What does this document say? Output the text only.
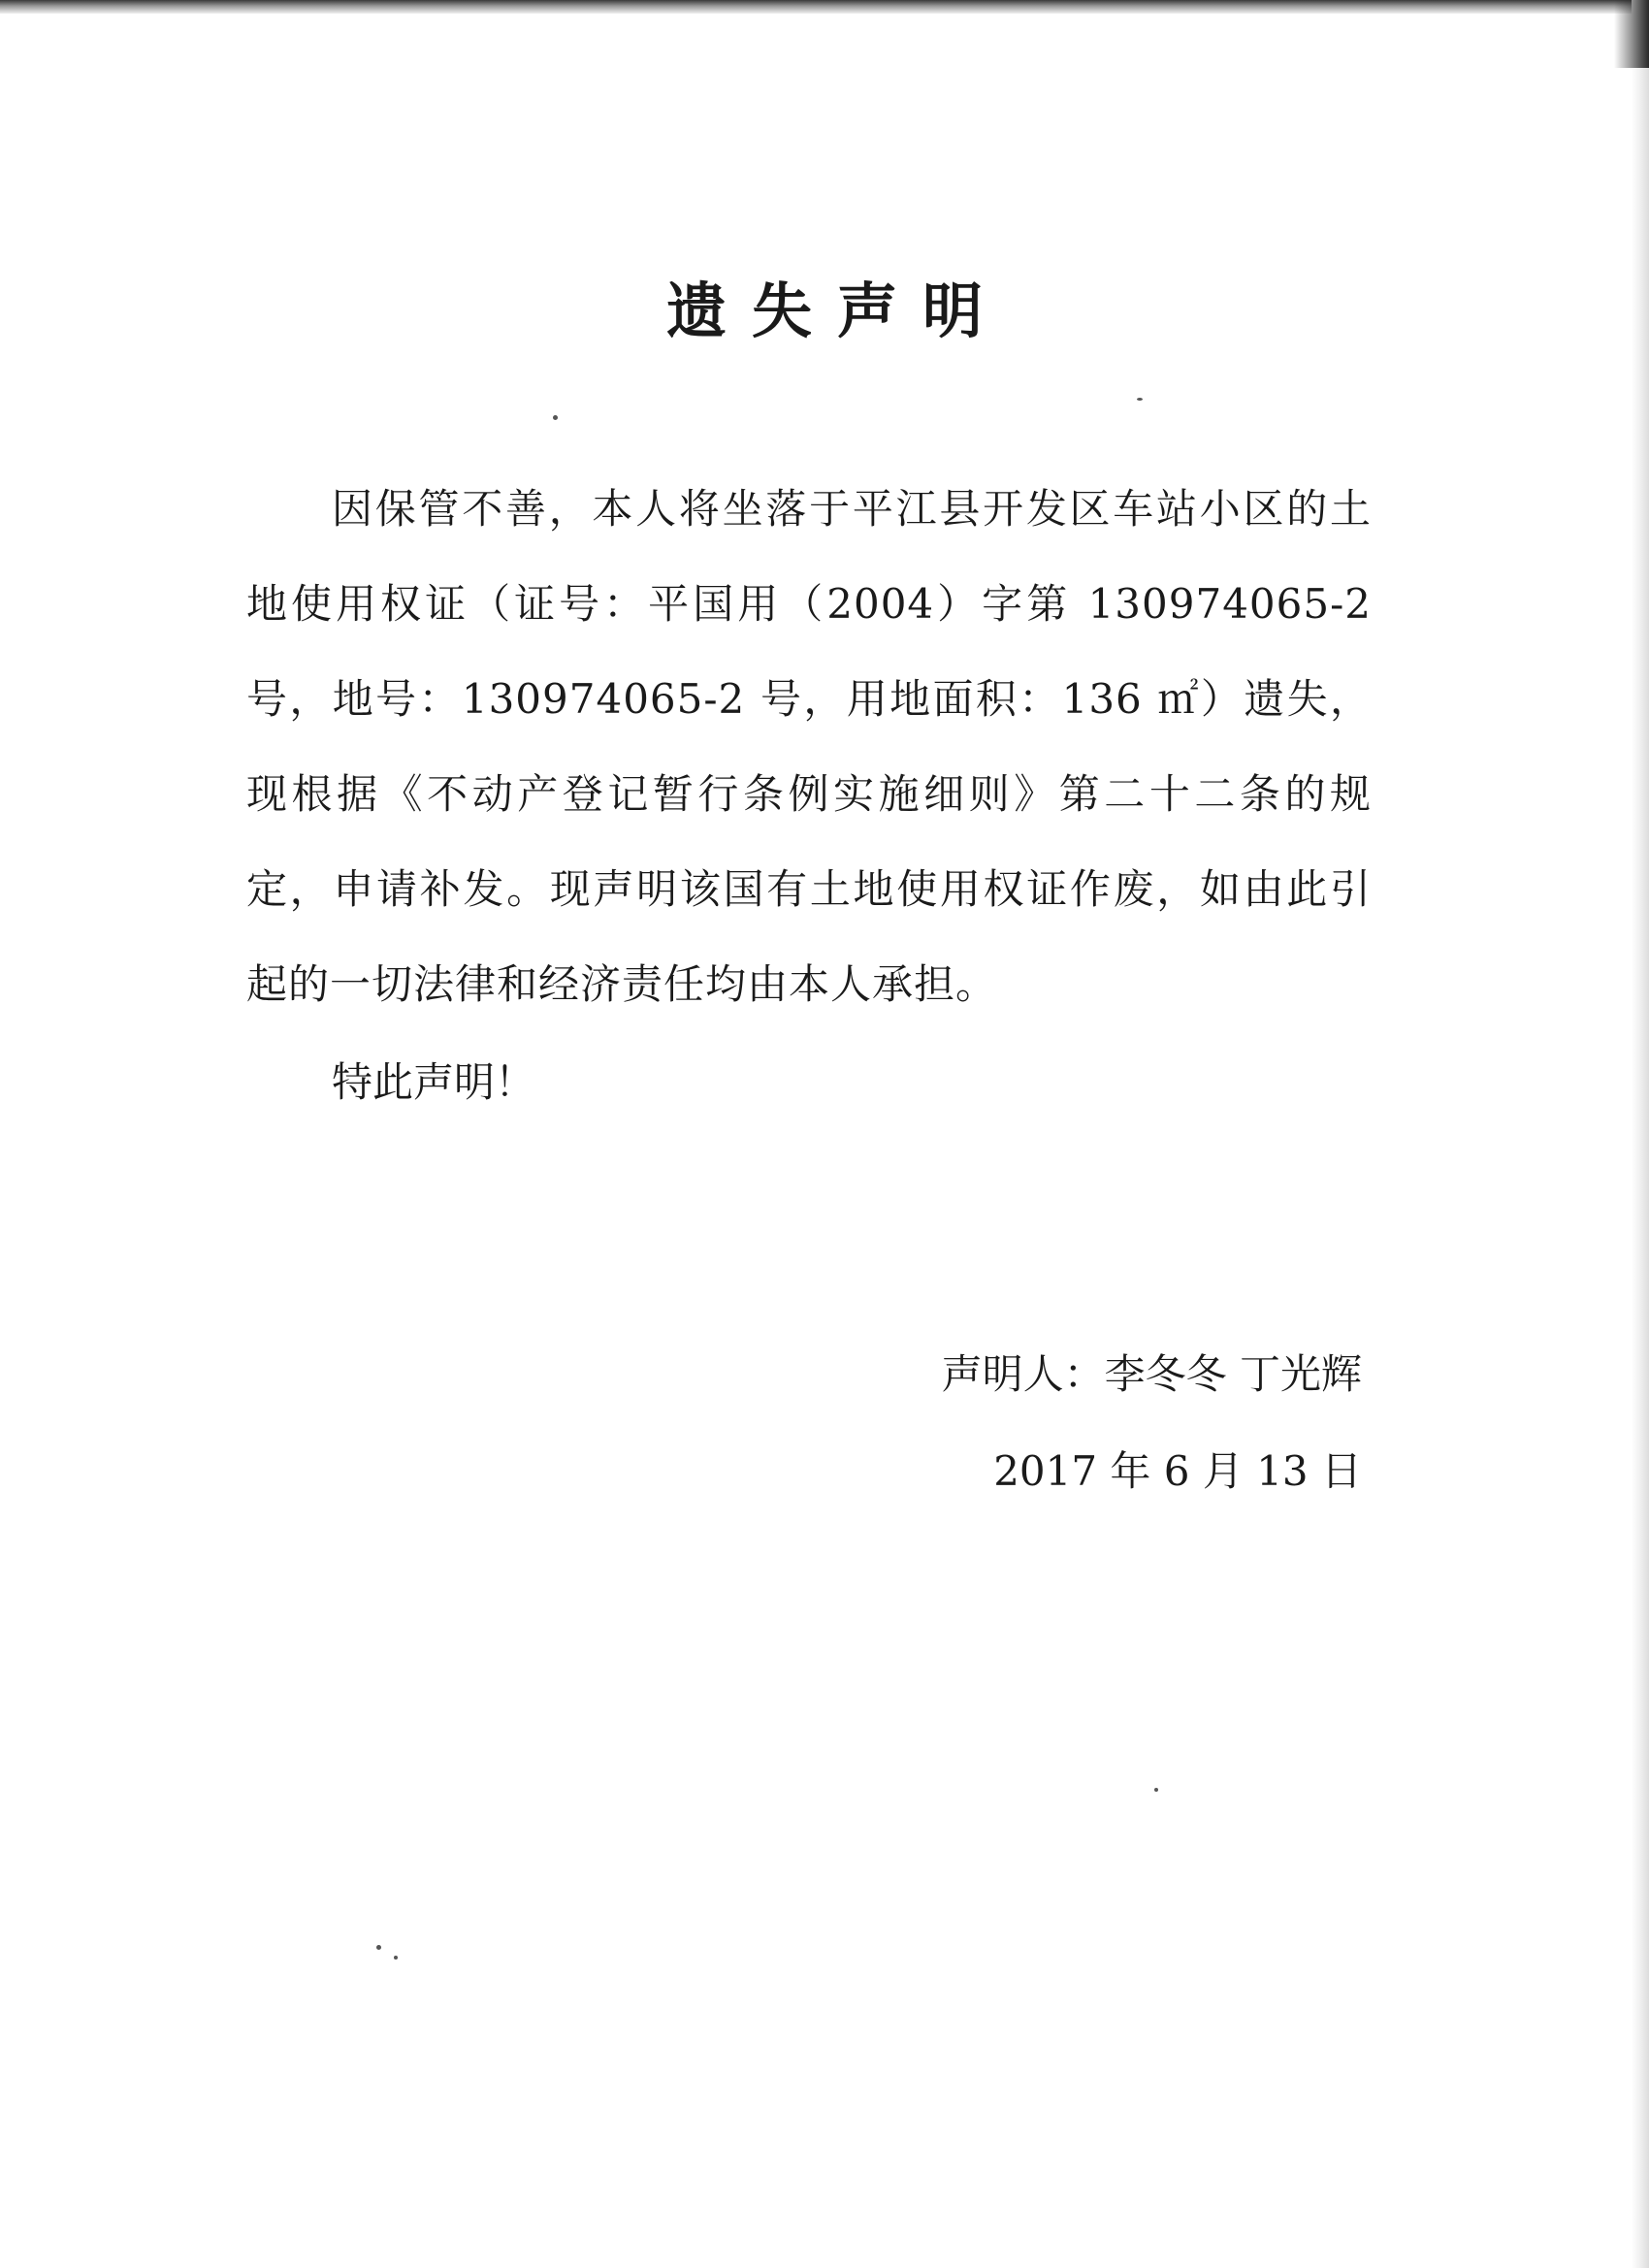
遗失声明

因保管不善，本人将坐落于平江县开发区车站小区的土地使用权证（证号：平国用（2004）字第 130974065-2 号，地号：130974065-2 号，用地面积：136 ㎡）遗失，现根据《不动产登记暂行条例实施细则》第二十二条的规定，申请补发。现声明该国有土地使用权证作废，如由此引起的一切法律和经济责任均由本人承担。

特此声明！

声明人：李冬冬 丁光辉

2017 年 6 月 13 日
